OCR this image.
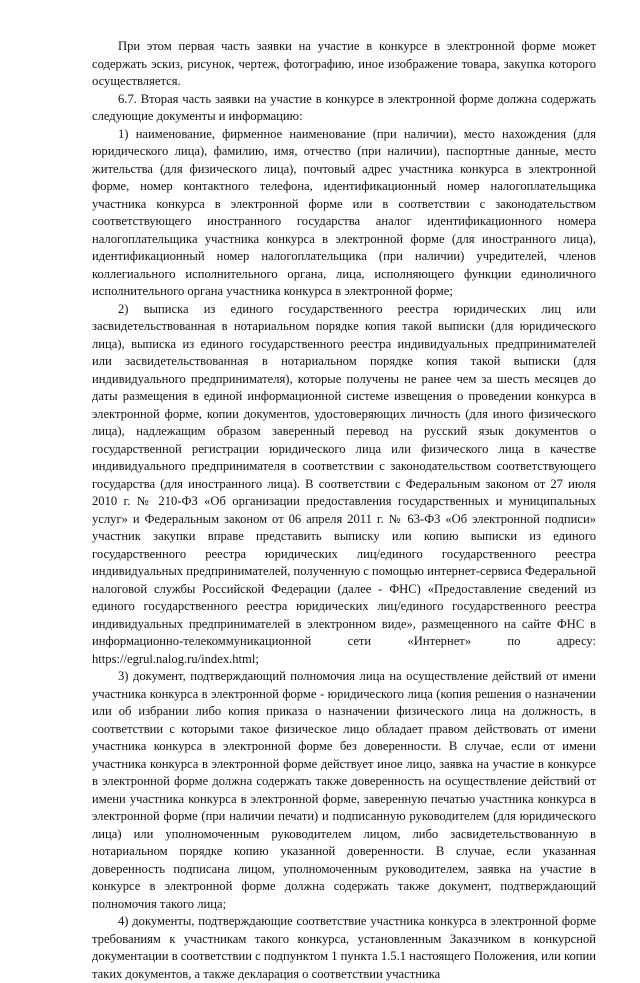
При этом первая часть заявки на участие в конкурсе в электронной форме может содержать эскиз, рисунок, чертеж, фотографию, иное изображение товара, закупка которого осуществляется.

6.7. Вторая часть заявки на участие в конкурсе в электронной форме должна содержать следующие документы и информацию:

1) наименование, фирменное наименование (при наличии), место нахождения (для юридического лица), фамилию, имя, отчество (при наличии), паспортные данные, место жительства (для физического лица), почтовый адрес участника конкурса в электронной форме, номер контактного телефона, идентификационный номер налогоплательщика участника конкурса в электронной форме или в соответствии с законодательством соответствующего иностранного государства аналог идентификационного номера налогоплательщика участника конкурса в электронной форме (для иностранного лица), идентификационный номер налогоплательщика (при наличии) учредителей, членов коллегиального исполнительного органа, лица, исполняющего функции единоличного исполнительного органа участника конкурса в электронной форме;

2) выписка из единого государственного реестра юридических лиц или засвидетельствованная в нотариальном порядке копия такой выписки (для юридического лица), выписка из единого государственного реестра индивидуальных предпринимателей или засвидетельствованная в нотариальном порядке копия такой выписки (для индивидуального предпринимателя), которые получены не ранее чем за шесть месяцев до даты размещения в единой информационной системе извещения о проведении конкурса в электронной форме, копии документов, удостоверяющих личность (для иного физического лица), надлежащим образом заверенный перевод на русский язык документов о государственной регистрации юридического лица или физического лица в качестве индивидуального предпринимателя в соответствии с законодательством соответствующего государства (для иностранного лица). В соответствии с Федеральным законом от 27 июля 2010 г. № 210-ФЗ «Об организации предоставления государственных и муниципальных услуг» и Федеральным законом от 06 апреля 2011 г. № 63-ФЗ «Об электронной подписи» участник закупки вправе представить выписку или копию выписки из единого государственного реестра юридических лиц/единого государственного реестра индивидуальных предпринимателей, полученную с помощью интернет-сервиса Федеральной налоговой службы Российской Федерации (далее - ФНС) «Предоставление сведений из единого государственного реестра юридических лиц/единого государственного реестра индивидуальных предпринимателей в электронном виде», размещенного на сайте ФНС в информационно-телекоммуникационной сети «Интернет» по адресу: https://egrul.nalog.ru/index.html;

3) документ, подтверждающий полномочия лица на осуществление действий от имени участника конкурса в электронной форме - юридического лица (копия решения о назначении или об избрании либо копия приказа о назначении физического лица на должность, в соответствии с которыми такое физическое лицо обладает правом действовать от имени участника конкурса в электронной форме без доверенности. В случае, если от имени участника конкурса в электронной форме действует иное лицо, заявка на участие в конкурсе в электронной форме должна содержать также доверенность на осуществление действий от имени участника конкурса в электронной форме, заверенную печатью участника конкурса в электронной форме (при наличии печати) и подписанную руководителем (для юридического лица) или уполномоченным руководителем лицом, либо засвидетельствованную в нотариальном порядке копию указанной доверенности. В случае, если указанная доверенность подписана лицом, уполномоченным руководителем, заявка на участие в конкурсе в электронной форме должна содержать также документ, подтверждающий полномочия такого лица;

4) документы, подтверждающие соответствие участника конкурса в электронной форме требованиям к участникам такого конкурса, установленным Заказчиком в конкурсной документации в соответствии с подпунктом 1 пункта 1.5.1 настоящего Положения, или копии таких документов, а также декларация о соответствии участника
